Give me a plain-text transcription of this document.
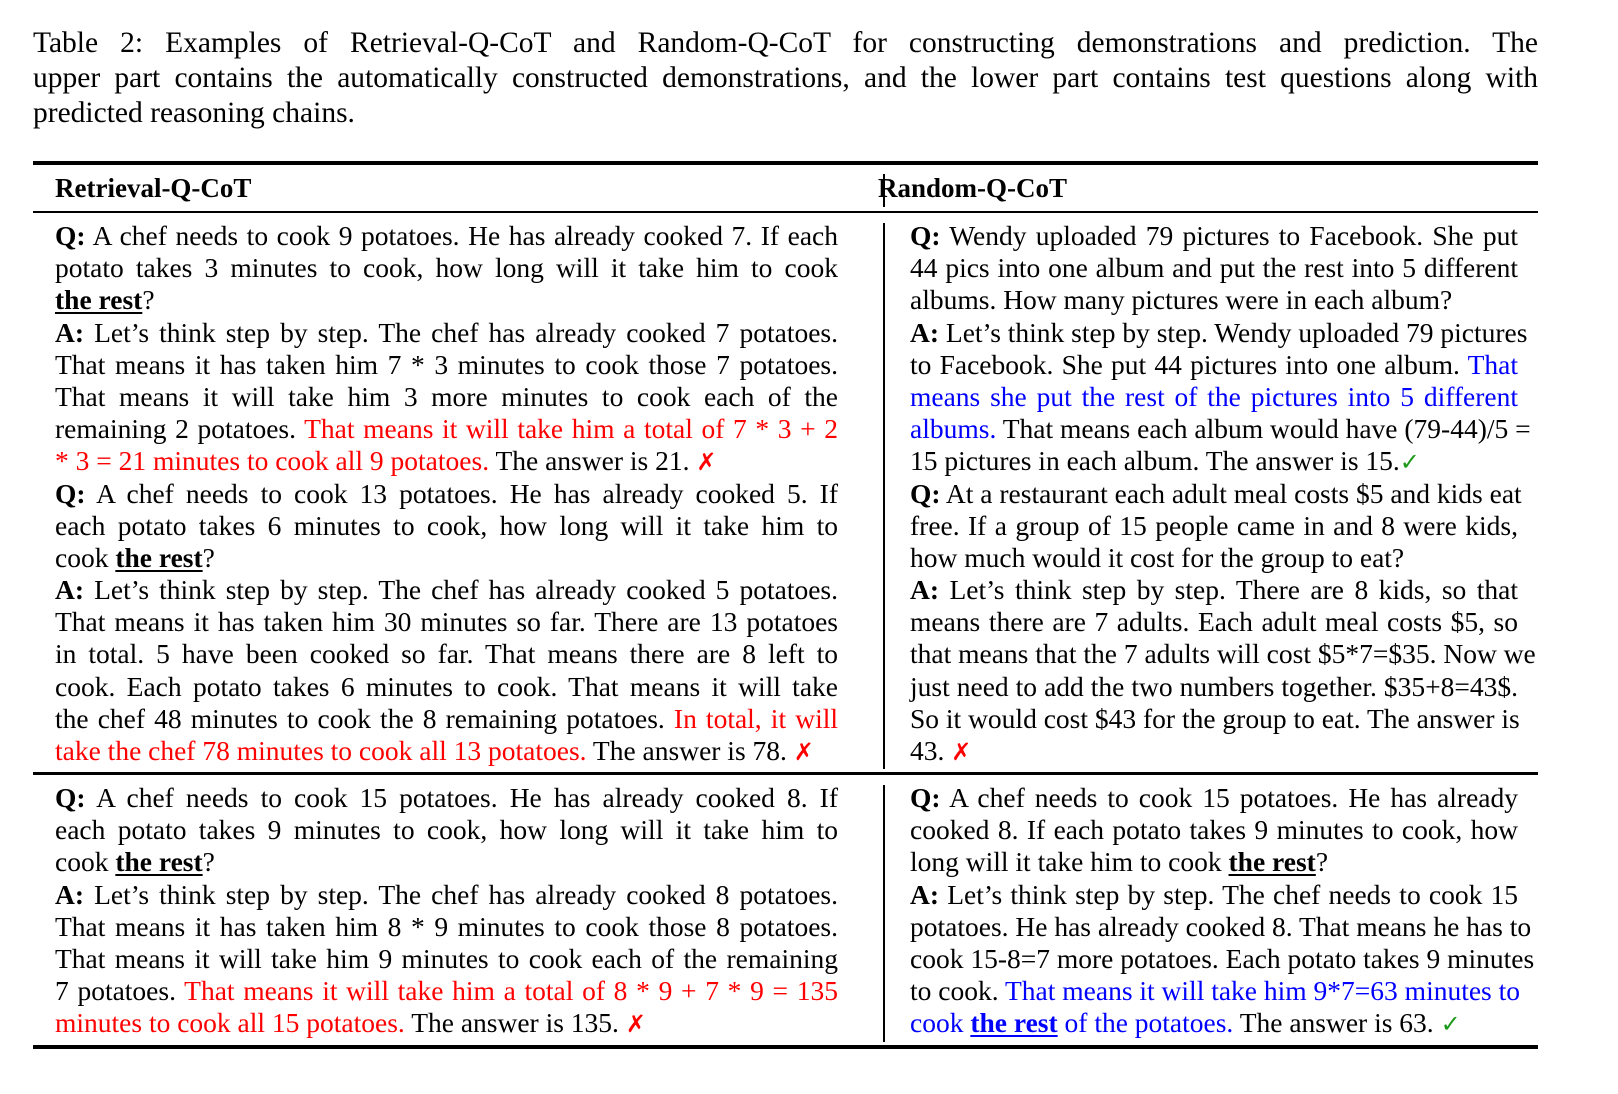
Table 2: Examples of Retrieval-Q-CoT and Random-Q-CoT for constructing demonstrations and prediction. The
upper part contains the automatically constructed demonstrations, and the lower part contains test questions along with
predicted reasoning chains.
Retrieval-Q-CoT	Random-Q-CoT
Q: A chef needs to cook 9 potatoes. He has already cooked 7. If each
potato takes 3 minutes to cook, how long will it take him to cook
the rest?
A: Let’s think step by step. The chef has already cooked 7 potatoes.
That means it has taken him 7 * 3 minutes to cook those 7 potatoes.
That means it will take him 3 more minutes to cook each of the
remaining 2 potatoes. That means it will take him a total of 7 * 3 + 2
* 3 = 21 minutes to cook all 9 potatoes. The answer is 21. ✗
Q: A chef needs to cook 13 potatoes. He has already cooked 5. If
each potato takes 6 minutes to cook, how long will it take him to
cook the rest?
A: Let’s think step by step. The chef has already cooked 5 potatoes.
That means it has taken him 30 minutes so far. There are 13 potatoes
in total. 5 have been cooked so far. That means there are 8 left to
cook. Each potato takes 6 minutes to cook. That means it will take
the chef 48 minutes to cook the 8 remaining potatoes. In total, it will
take the chef 78 minutes to cook all 13 potatoes. The answer is 78. ✗
Q: Wendy uploaded 79 pictures to Facebook. She put
44 pics into one album and put the rest into 5 different
albums. How many pictures were in each album?
A: Let’s think step by step. Wendy uploaded 79 pictures
to Facebook. She put 44 pictures into one album. That
means she put the rest of the pictures into 5 different
albums. That means each album would have (79-44)/5 =
15 pictures in each album. The answer is 15.✓
Q: At a restaurant each adult meal costs $5 and kids eat
free. If a group of 15 people came in and 8 were kids,
how much would it cost for the group to eat?
A: Let’s think step by step. There are 8 kids, so that
means there are 7 adults. Each adult meal costs $5, so
that means that the 7 adults will cost $5*7=$35. Now we
just need to add the two numbers together. $35+8=43$.
So it would cost $43 for the group to eat. The answer is
43. ✗
Q: A chef needs to cook 15 potatoes. He has already cooked 8. If
each potato takes 9 minutes to cook, how long will it take him to
cook the rest?
A: Let’s think step by step. The chef has already cooked 8 potatoes.
That means it has taken him 8 * 9 minutes to cook those 8 potatoes.
That means it will take him 9 minutes to cook each of the remaining
7 potatoes. That means it will take him a total of 8 * 9 + 7 * 9 = 135
minutes to cook all 15 potatoes. The answer is 135. ✗
Q: A chef needs to cook 15 potatoes. He has already
cooked 8. If each potato takes 9 minutes to cook, how
long will it take him to cook the rest?
A: Let’s think step by step. The chef needs to cook 15
potatoes. He has already cooked 8. That means he has to
cook 15-8=7 more potatoes. Each potato takes 9 minutes
to cook. That means it will take him 9*7=63 minutes to
cook the rest of the potatoes. The answer is 63. ✓
